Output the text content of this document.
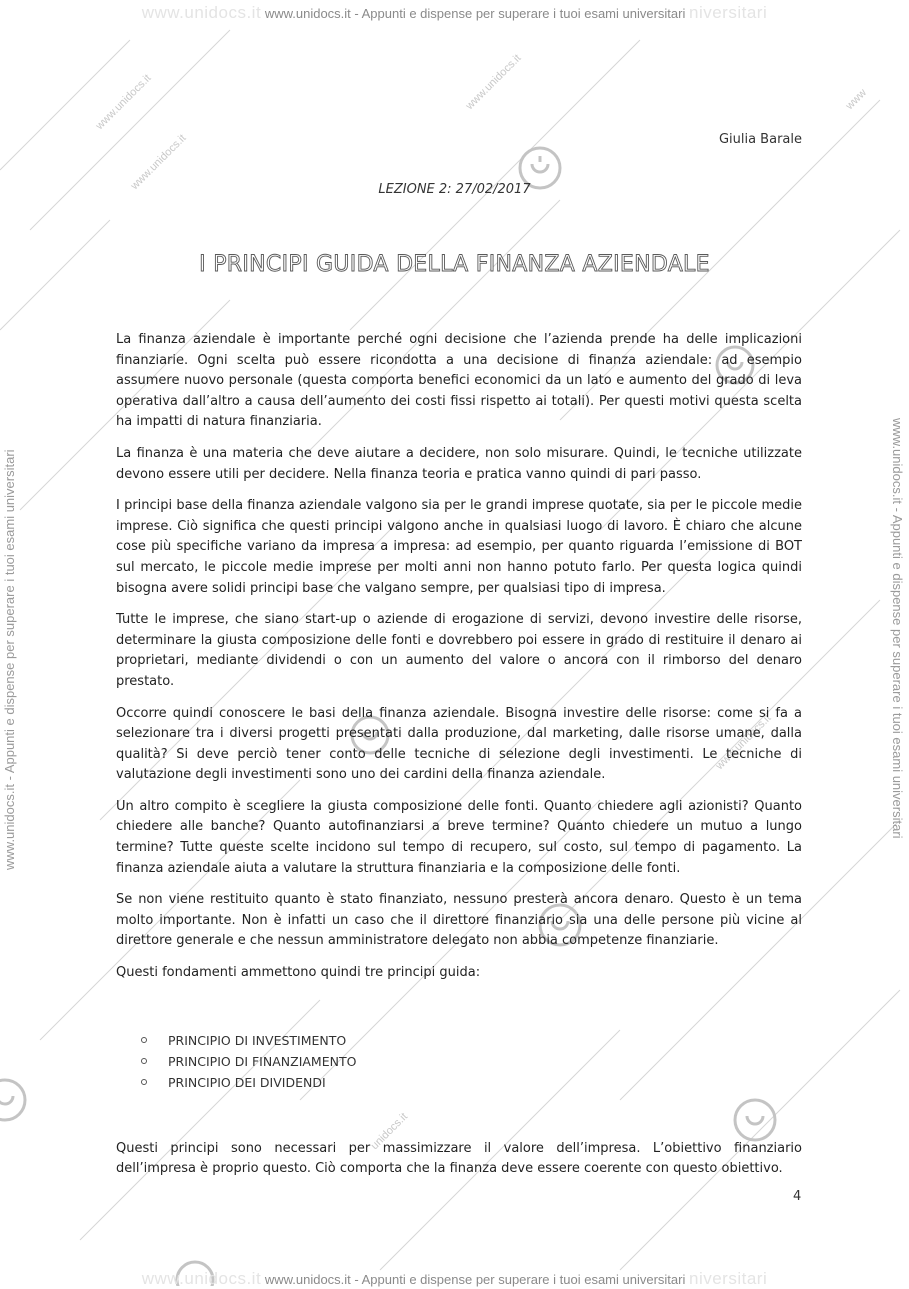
www.unidocs.it
www.unidocs.it
www.unidocs.it
www.unidocs.it
unidocs.it
www
www.unidocs.it www.unidocs.it - Appunti e dispense per superare i tuoi esami universitari niversitari
www.unidocs.it www.unidocs.it - Appunti e dispense per superare i tuoi esami universitari niversitari
www.unidocs.it - Appunti e dispense per superare i tuoi esami universitari	www.unidocs.it - Appunti e dispense per superare i tuoi esami universitari
Giulia Barale
LEZIONE 2: 27/02/2017
I PRINCIPI GUIDA DELLA FINANZA AZIENDALE

La finanza aziendale è importante perché ogni decisione che l’azienda prende ha delle implicazioni finanziarie. Ogni scelta può essere ricondotta a una decisione di finanza aziendale: ad esempio assumere nuovo personale (questa comporta benefici economici da un lato e aumento del grado di leva operativa dall’altro a causa dell’aumento dei costi fissi rispetto ai totali). Per questi motivi questa scelta ha impatti di natura finanziaria.

La finanza è una materia che deve aiutare a decidere, non solo misurare. Quindi, le tecniche utilizzate devono essere utili per decidere. Nella finanza teoria e pratica vanno quindi di pari passo.

I principi base della finanza aziendale valgono sia per le grandi imprese quotate, sia per le piccole medie imprese. Ciò significa che questi principi valgono anche in qualsiasi luogo di lavoro. È chiaro che alcune cose più specifiche variano da impresa a impresa: ad esempio, per quanto riguarda l’emissione di BOT sul mercato, le piccole medie imprese per molti anni non hanno potuto farlo. Per questa logica quindi bisogna avere solidi principi base che valgano sempre, per qualsiasi tipo di impresa.

Tutte le imprese, che siano start-up o aziende di erogazione di servizi, devono investire delle risorse, determinare la giusta composizione delle fonti e dovrebbero poi essere in grado di restituire il denaro ai proprietari, mediante dividendi o con un aumento del valore o ancora con il rimborso del denaro prestato.

Occorre quindi conoscere le basi della finanza aziendale. Bisogna investire delle risorse: come si fa a selezionare tra i diversi progetti presentati dalla produzione, dal marketing, dalle risorse umane, dalla qualità? Si deve perciò tener conto delle tecniche di selezione degli investimenti. Le tecniche di valutazione degli investimenti sono uno dei cardini della finanza aziendale.

Un altro compito è scegliere la giusta composizione delle fonti. Quanto chiedere agli azionisti? Quanto chiedere alle banche? Quanto autofinanziarsi a breve termine? Quanto chiedere un mutuo a lungo termine? Tutte queste scelte incidono sul tempo di recupero, sul costo, sul tempo di pagamento. La finanza aziendale aiuta a valutare la struttura finanziaria e la composizione delle fonti.

Se non viene restituito quanto è stato finanziato, nessuno presterà ancora denaro. Questo è un tema molto importante. Non è infatti un caso che il direttore finanziario sia una delle persone più vicine al direttore generale e che nessun amministratore delegato non abbia competenze finanziarie.

Questi fondamenti ammettono quindi tre principi guida:

PRINCIPIO DI INVESTIMENTO
PRINCIPIO DI FINANZIAMENTO
PRINCIPIO DEI DIVIDENDI

Questi principi sono necessari per massimizzare il valore dell’impresa. L’obiettivo finanziario dell’impresa è proprio questo. Ciò comporta che la finanza deve essere coerente con questo obiettivo.

4
